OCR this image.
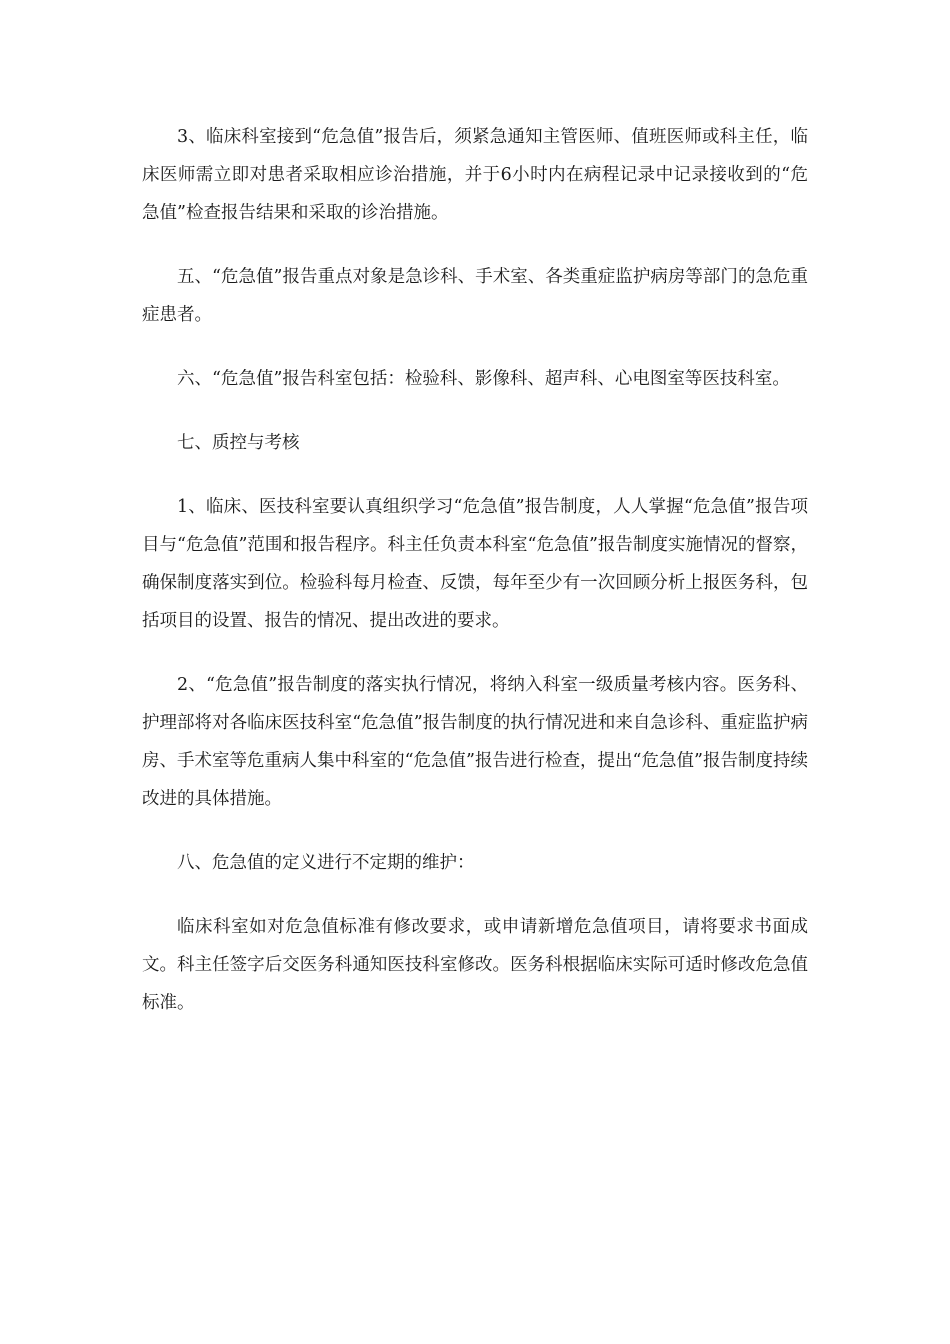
3、临床科室接到“危急值”报告后，须紧急通知主管医师、值班医师或科主任，临床医师需立即对患者采取相应诊治措施，并于6小时内在病程记录中记录接收到的“危急值”检查报告结果和采取的诊治措施。

五、“危急值”报告重点对象是急诊科、手术室、各类重症监护病房等部门的急危重症患者。

六、“危急值”报告科室包括：检验科、影像科、超声科、心电图室等医技科室。

七、质控与考核

1、临床、医技科室要认真组织学习“危急值”报告制度，人人掌握“危急值”报告项目与“危急值”范围和报告程序。科主任负责本科室“危急值”报告制度实施情况的督察，确保制度落实到位。检验科每月检查、反馈，每年至少有一次回顾分析上报医务科，包括项目的设置、报告的情况、提出改进的要求。

2、“危急值”报告制度的落实执行情况，将纳入科室一级质量考核内容。医务科、护理部将对各临床医技科室“危急值”报告制度的执行情况进和来自急诊科、重症监护病房、手术室等危重病人集中科室的“危急值”报告进行检查，提出“危急值”报告制度持续改进的具体措施。

八、危急值的定义进行不定期的维护：

临床科室如对危急值标准有修改要求，或申请新增危急值项目，请将要求书面成文。科主任签字后交医务科通知医技科室修改。医务科根据临床实际可适时修改危急值标准。
